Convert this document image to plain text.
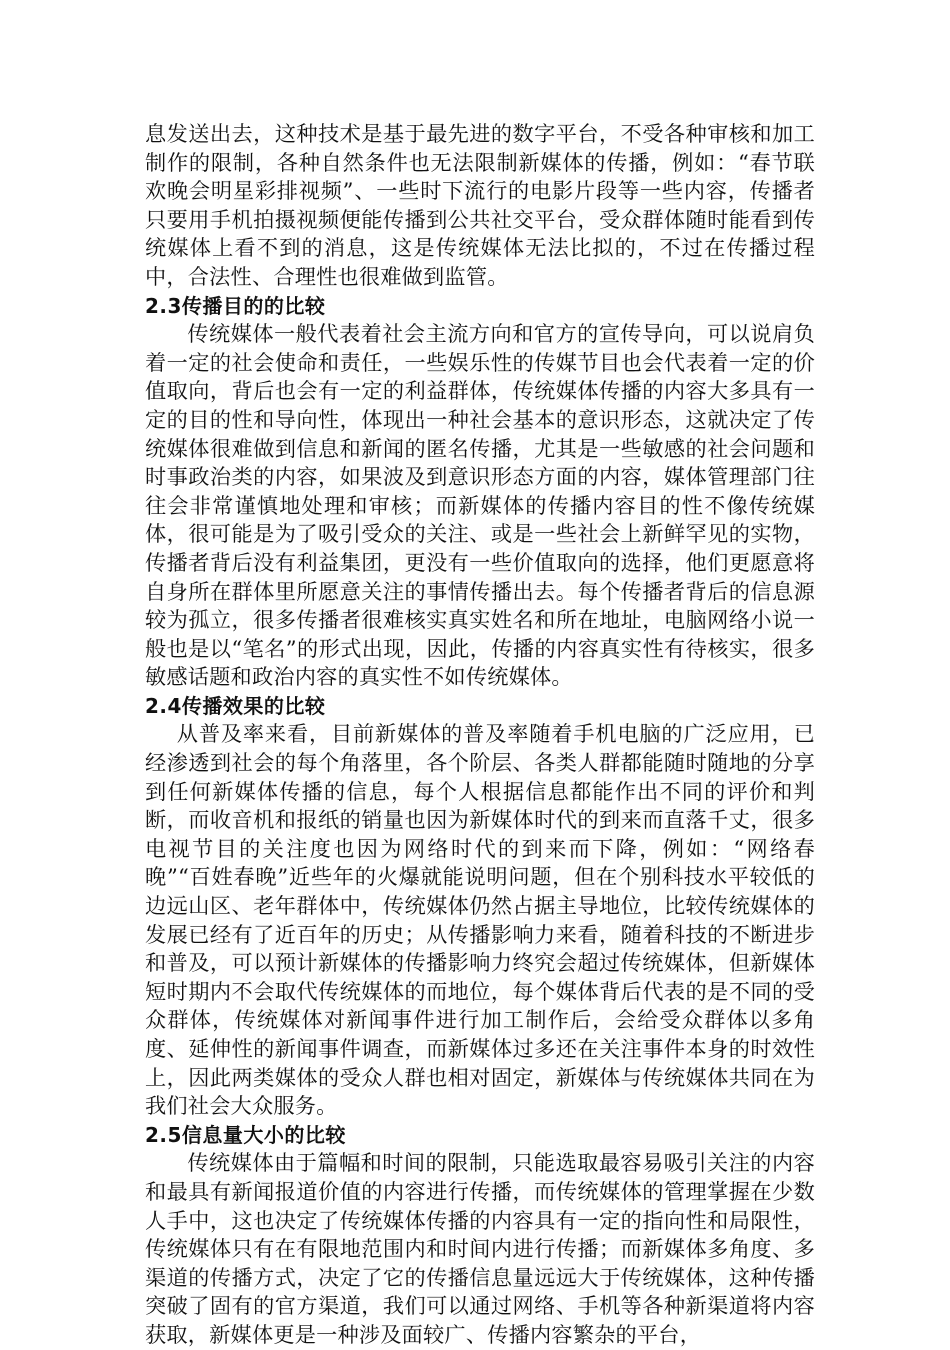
息发送出去，这种技术是基于最先进的数字平台，不受各种审核和加工制作的限制，各种自然条件也无法限制新媒体的传播，例如：“春节联欢晚会明星彩排视频”、一些时下流行的电影片段等一些内容，传播者只要用手机拍摄视频便能传播到公共社交平台，受众群体随时能看到传统媒体上看不到的消息，这是传统媒体无法比拟的，不过在传播过程中，合法性、合理性也很难做到监管。

2.3传播目的的比较

传统媒体一般代表着社会主流方向和官方的宣传导向，可以说肩负着一定的社会使命和责任，一些娱乐性的传媒节目也会代表着一定的价值取向，背后也会有一定的利益群体，传统媒体传播的内容大多具有一定的目的性和导向性，体现出一种社会基本的意识形态，这就决定了传统媒体很难做到信息和新闻的匿名传播，尤其是一些敏感的社会问题和时事政治类的内容，如果波及到意识形态方面的内容，媒体管理部门往往会非常谨慎地处理和审核；而新媒体的传播内容目的性不像传统媒体，很可能是为了吸引受众的关注、或是一些社会上新鲜罕见的实物，传播者背后没有利益集团，更没有一些价值取向的选择，他们更愿意将自身所在群体里所愿意关注的事情传播出去。每个传播者背后的信息源较为孤立，很多传播者很难核实真实姓名和所在地址，电脑网络小说一般也是以“笔名”的形式出现，因此，传播的内容真实性有待核实，很多敏感话题和政治内容的真实性不如传统媒体。

2.4传播效果的比较

从普及率来看，目前新媒体的普及率随着手机电脑的广泛应用，已经渗透到社会的每个角落里，各个阶层、各类人群都能随时随地的分享到任何新媒体传播的信息，每个人根据信息都能作出不同的评价和判断，而收音机和报纸的销量也因为新媒体时代的到来而直落千丈，很多电视节目的关注度也因为网络时代的到来而下降，例如：“网络春晚”“百姓春晚”近些年的火爆就能说明问题，但在个别科技水平较低的边远山区、老年群体中，传统媒体仍然占据主导地位，比较传统媒体的发展已经有了近百年的历史；从传播影响力来看，随着科技的不断进步和普及，可以预计新媒体的传播影响力终究会超过传统媒体，但新媒体短时期内不会取代传统媒体的而地位，每个媒体背后代表的是不同的受众群体，传统媒体对新闻事件进行加工制作后，会给受众群体以多角度、延伸性的新闻事件调查，而新媒体过多还在关注事件本身的时效性上，因此两类媒体的受众人群也相对固定，新媒体与传统媒体共同在为我们社会大众服务。

2.5信息量大小的比较

传统媒体由于篇幅和时间的限制，只能选取最容易吸引关注的内容和最具有新闻报道价值的内容进行传播，而传统媒体的管理掌握在少数人手中，这也决定了传统媒体传播的内容具有一定的指向性和局限性，传统媒体只有在有限地范围内和时间内进行传播；而新媒体多角度、多渠道的传播方式，决定了它的传播信息量远远大于传统媒体，这种传播突破了固有的官方渠道，我们可以通过网络、手机等各种新渠道将内容获取，新媒体更是一种涉及面较广、传播内容繁杂的平台，
